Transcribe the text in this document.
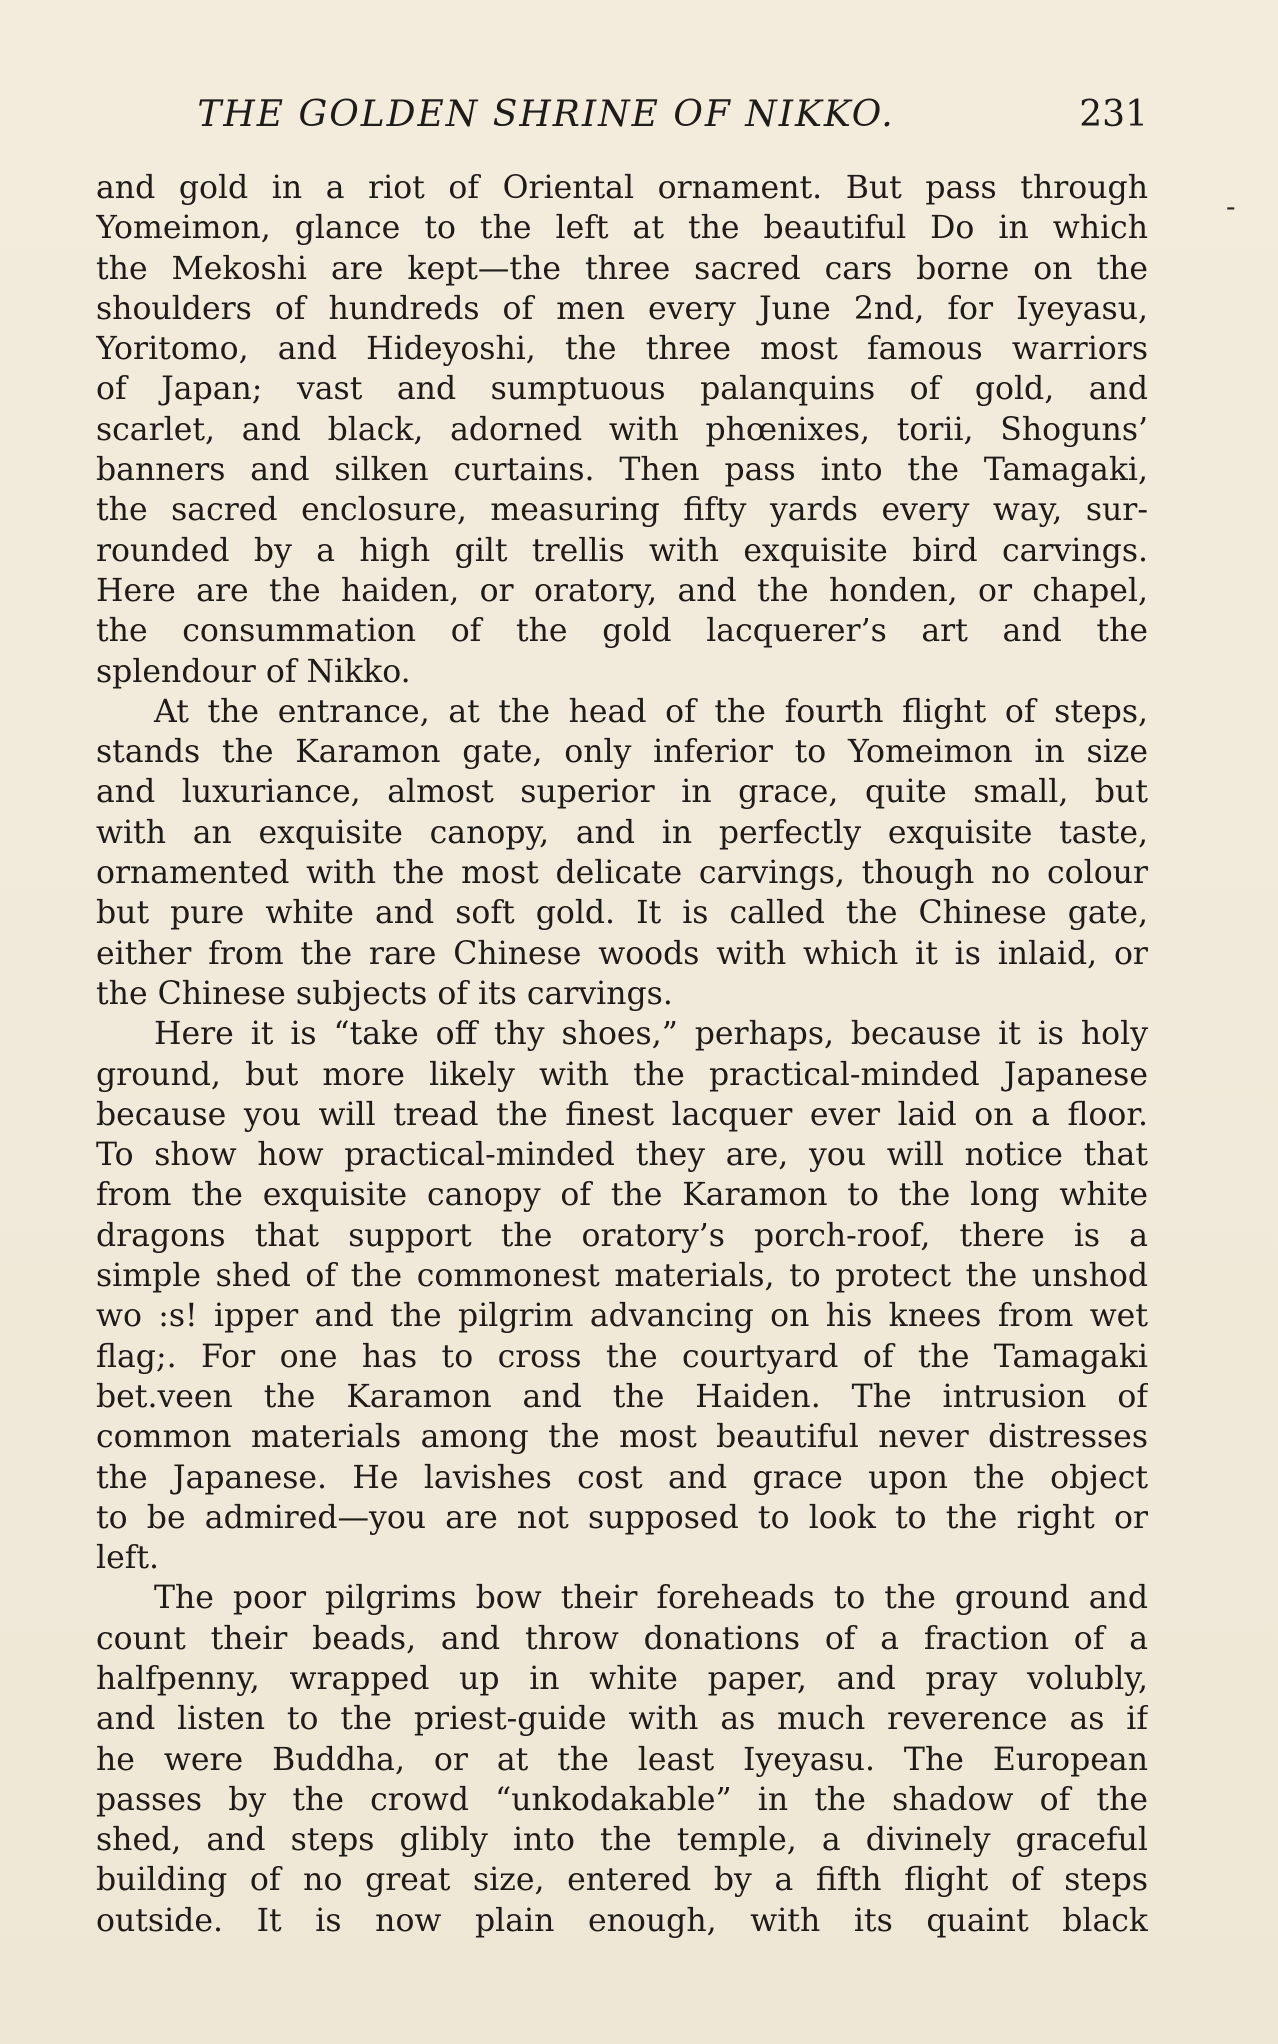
THE GOLDEN SHRINE OF NIKKO.	231
-
and gold in a riot of Oriental ornament. But pass through
Yomeimon, glance to the left at the beautiful Do in which
the Mekoshi are kept—the three sacred cars borne on the
shoulders of hundreds of men every June 2nd, for Iyeyasu,
Yoritomo, and Hideyoshi, the three most famous warriors
of Japan; vast and sumptuous palanquins of gold, and
scarlet, and black, adorned with phœnixes, torii, Shoguns’
banners and silken curtains. Then pass into the Tamagaki,
the sacred enclosure, measuring fifty yards every way, sur-
rounded by a high gilt trellis with exquisite bird carvings.
Here are the haiden, or oratory, and the honden, or chapel,
the consummation of the gold lacquerer’s art and the
splendour of Nikko.
At the entrance, at the head of the fourth flight of steps,
stands the Karamon gate, only inferior to Yomeimon in size
and luxuriance, almost superior in grace, quite small, but
with an exquisite canopy, and in perfectly exquisite taste,
ornamented with the most delicate carvings, though no colour
but pure white and soft gold. It is called the Chinese gate,
either from the rare Chinese woods with which it is inlaid, or
the Chinese subjects of its carvings.
Here it is “take off thy shoes,” perhaps, because it is holy
ground, but more likely with the practical-minded Japanese
because you will tread the finest lacquer ever laid on a floor.
To show how practical-minded they are, you will notice that
from the exquisite canopy of the Karamon to the long white
dragons that support the oratory’s porch-roof, there is a
simple shed of the commonest materials, to protect the unshod
wo :s! ipper and the pilgrim advancing on his knees from wet
flag;. For one has to cross the courtyard of the Tamagaki
bet.veen the Karamon and the Haiden. The intrusion of
common materials among the most beautiful never distresses
the Japanese. He lavishes cost and grace upon the object
to be admired—you are not supposed to look to the right or
left.
The poor pilgrims bow their foreheads to the ground and
count their beads, and throw donations of a fraction of a
halfpenny, wrapped up in white paper, and pray volubly,
and listen to the priest-guide with as much reverence as if
he were Buddha, or at the least Iyeyasu. The European
passes by the crowd “unkodakable” in the shadow of the
shed, and steps glibly into the temple, a divinely graceful
building of no great size, entered by a fifth flight of steps
outside. It is now plain enough, with its quaint black
